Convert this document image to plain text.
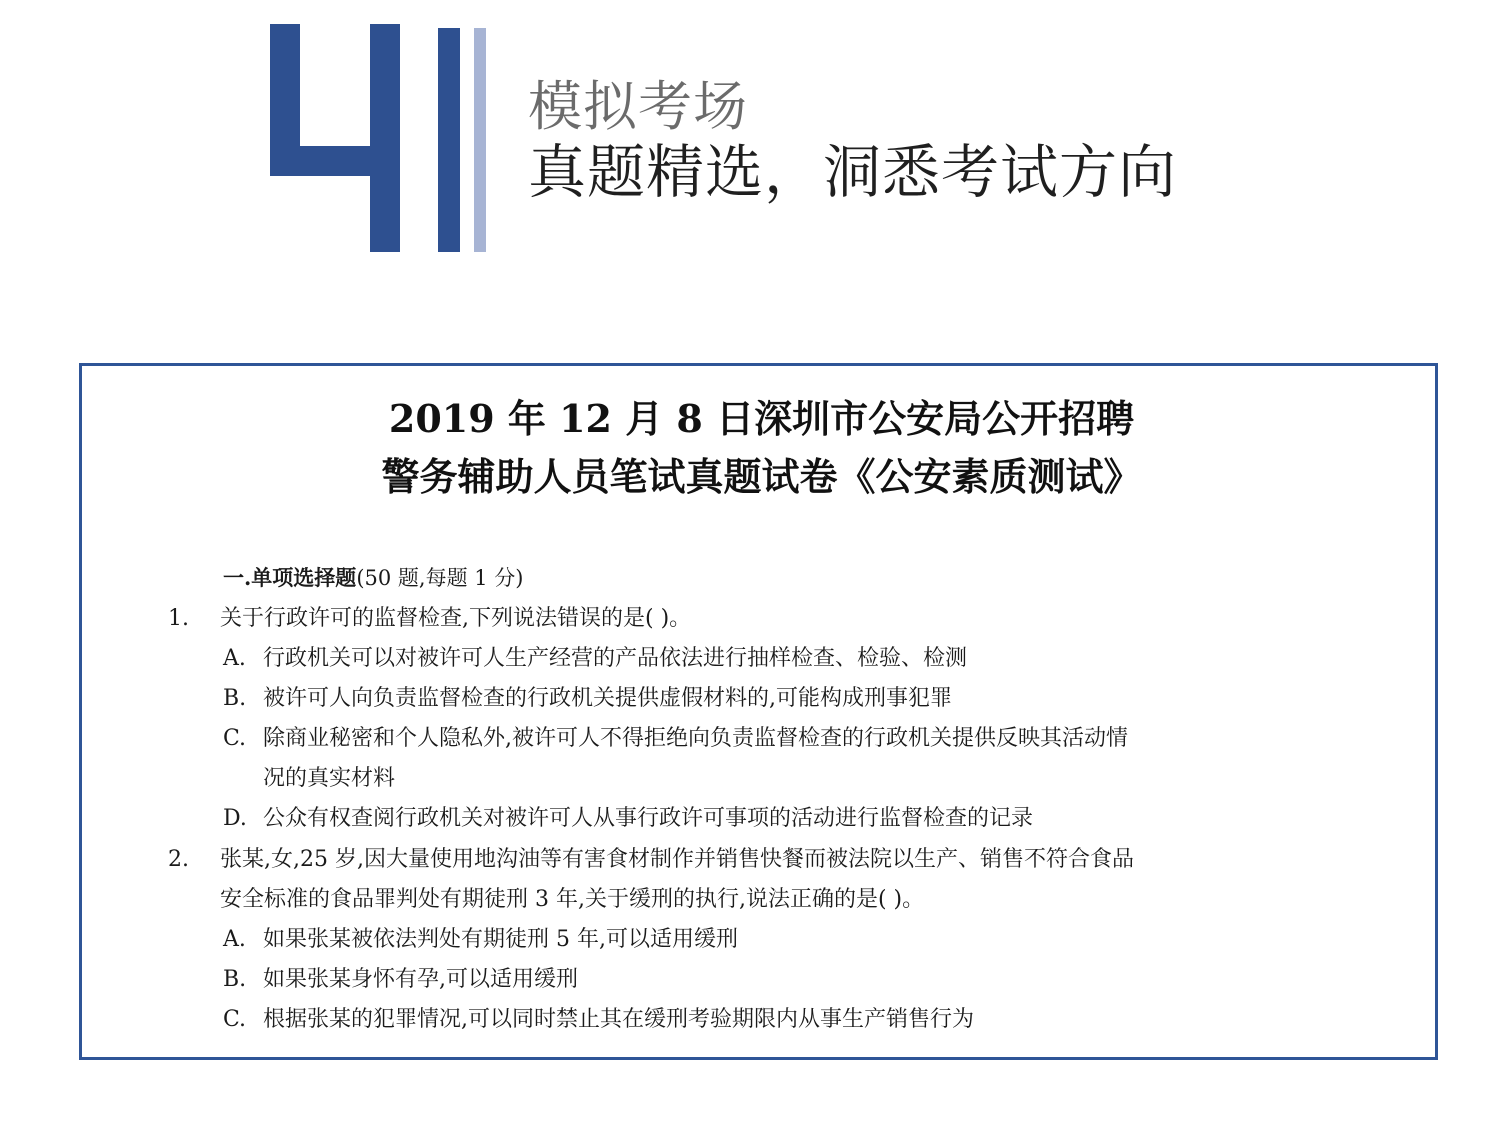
模拟考场
真题精选，洞悉考试方向
2019 年 12 月 8 日深圳市公安局公开招聘
警务辅助人员笔试真题试卷《公安素质测试》
一.单项选择题(50 题,每题 1 分)
1. 关于行政许可的监督检查,下列说法错误的是( )。
A. 行政机关可以对被许可人生产经营的产品依法进行抽样检查、检验、检测
B. 被许可人向负责监督检查的行政机关提供虚假材料的,可能构成刑事犯罪
C. 除商业秘密和个人隐私外,被许可人不得拒绝向负责监督检查的行政机关提供反映其活动情
况的真实材料
D. 公众有权查阅行政机关对被许可人从事行政许可事项的活动进行监督检查的记录
2. 张某,女,25 岁,因大量使用地沟油等有害食材制作并销售快餐而被法院以生产、销售不符合食品
安全标准的食品罪判处有期徒刑 3 年,关于缓刑的执行,说法正确的是( )。
A. 如果张某被依法判处有期徒刑 5 年,可以适用缓刑
B. 如果张某身怀有孕,可以适用缓刑
C. 根据张某的犯罪情况,可以同时禁止其在缓刑考验期限内从事生产销售行为
